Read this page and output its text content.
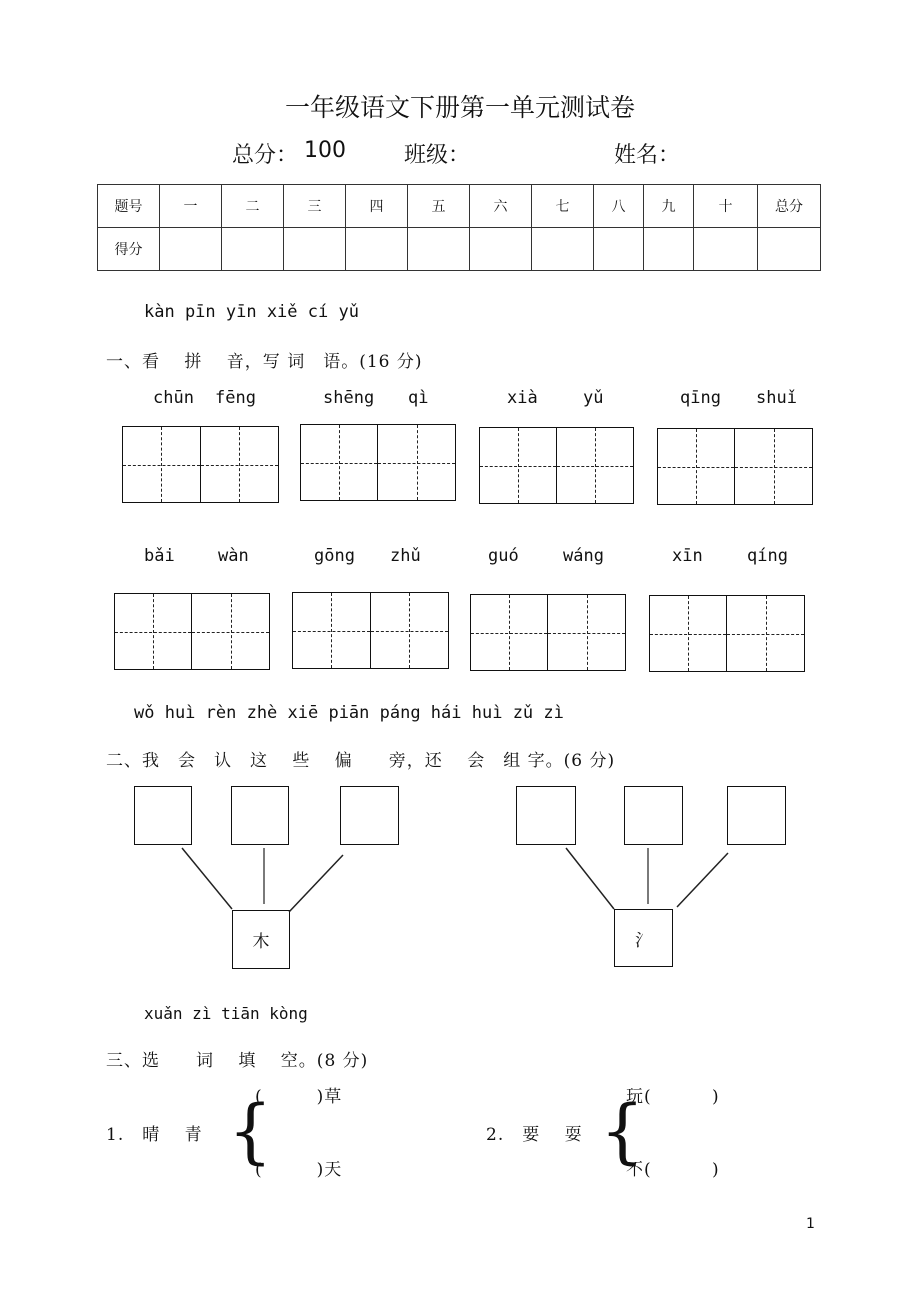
一年级语文下册第一单元测试卷
总分： 100	班级：	姓名：
题号	一	二	三	四	五	六	七	八	九	十	总分
得分											
kàn pīn yīn xiě cí yǔ
一、看　 拼　 音，写 词　语。(16 分)
chūn fēng	shēng qì	xià	yǔ	qīng shuǐ
bǎi	wàn	gōng zhǔ	guó	wáng	xīn	qíng
wǒ huì rèn zhè xiē piān páng hái huì zǔ zì
二、我　会　认　这　 些　 偏　　旁，还　 会　组 字。(6 分)
木	氵
xuǎn zì tiān kòng
三、选　　词　 填　 空。(8 分)
1.　晴　 青 {
(　　　)草
(　　　)天
2.　要　 耍 {
玩(　　　 )
不(　　　 )
1
